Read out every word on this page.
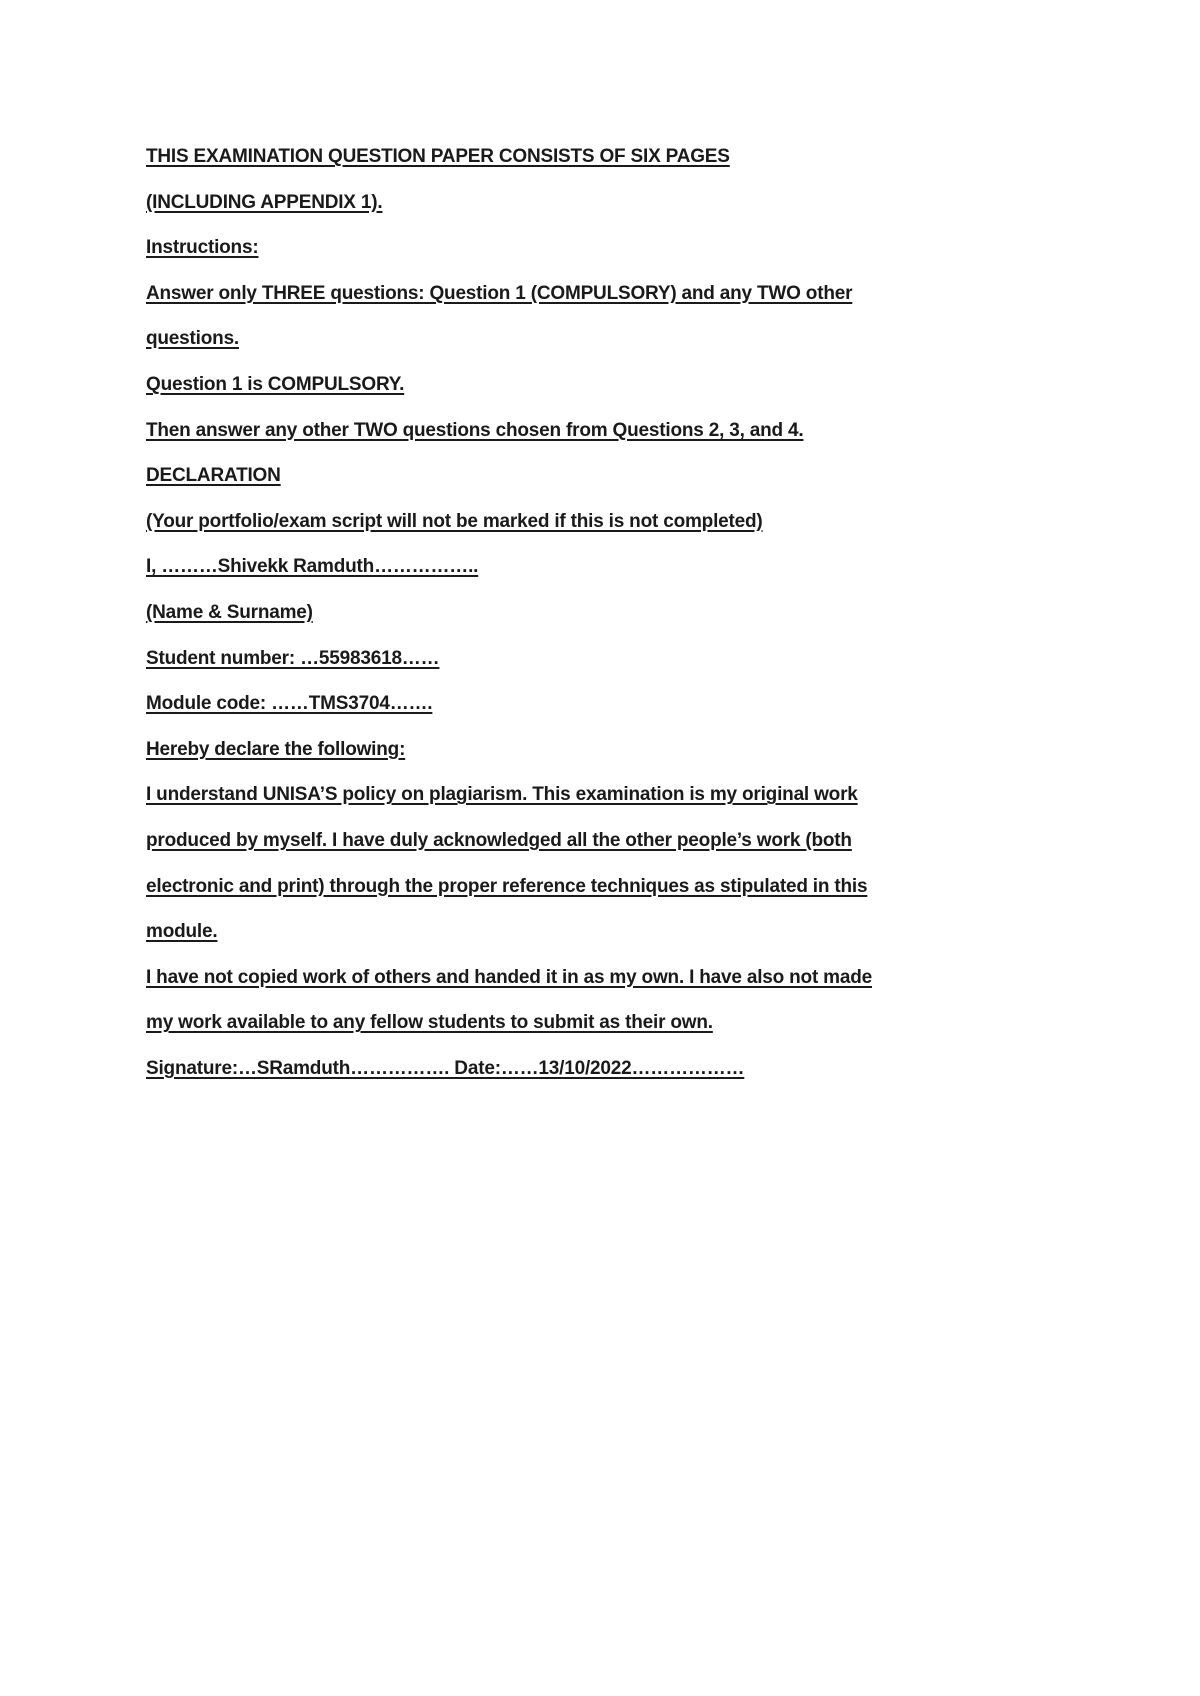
THIS EXAMINATION QUESTION PAPER CONSISTS OF SIX PAGES
(INCLUDING APPENDIX 1).
Instructions:
Answer only THREE questions: Question 1 (COMPULSORY) and any TWO other
questions.
Question 1 is COMPULSORY.
Then answer any other TWO questions chosen from Questions 2, 3, and 4.
DECLARATION
(Your portfolio/exam script will not be marked if this is not completed)
I, ………Shivekk Ramduth……………..
(Name & Surname)
Student number: …55983618……
Module code: ……TMS3704…….
Hereby declare the following:
I understand UNISA’S policy on plagiarism. This examination is my original work
produced by myself. I have duly acknowledged all the other people’s work (both
electronic and print) through the proper reference techniques as stipulated in this
module.
I have not copied work of others and handed it in as my own. I have also not made
my work available to any fellow students to submit as their own.
Signature:…SRamduth……………. Date:……13/10/2022………………
